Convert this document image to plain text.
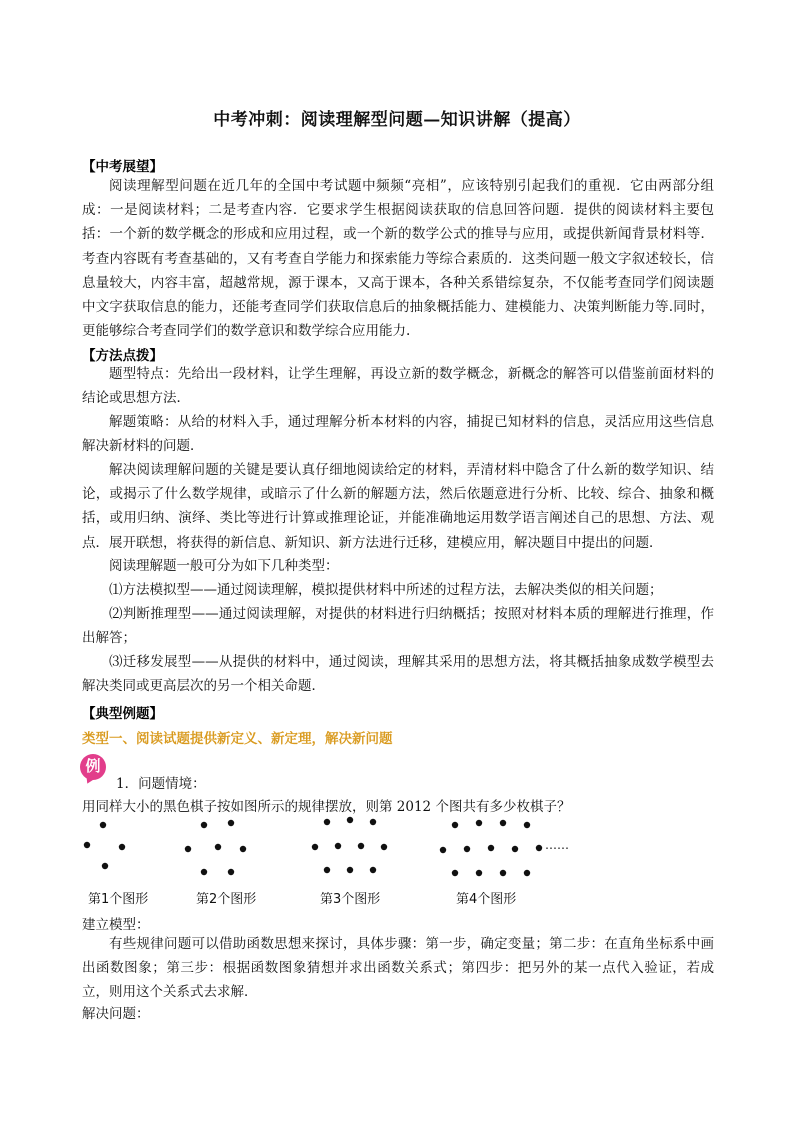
中考冲刺：阅读理解型问题—知识讲解（提高）
【中考展望】

阅读理解型问题在近几年的全国中考试题中频频“亮相”，应该特别引起我们的重视．它由两部分组成：一是阅读材料；二是考查内容．它要求学生根据阅读获取的信息回答问题．提供的阅读材料主要包括：一个新的数学概念的形成和应用过程，或一个新的数学公式的推导与应用，或提供新闻背景材料等．考查内容既有考查基础的，又有考查自学能力和探索能力等综合素质的．这类问题一般文字叙述较长，信息量较大，内容丰富，超越常规，源于课本，又高于课本，各种关系错综复杂，不仅能考查同学们阅读题中文字获取信息的能力，还能考查同学们获取信息后的抽象概括能力、建模能力、决策判断能力等.同时，更能够综合考查同学们的数学意识和数学综合应用能力.

【方法点拨】

题型特点：先给出一段材料，让学生理解，再设立新的数学概念，新概念的解答可以借鉴前面材料的结论或思想方法．

解题策略：从给的材料入手，通过理解分析本材料的内容，捕捉已知材料的信息，灵活应用这些信息解决新材料的问题．

解决阅读理解问题的关键是要认真仔细地阅读给定的材料，弄清材料中隐含了什么新的数学知识、结论，或揭示了什么数学规律，或暗示了什么新的解题方法，然后依题意进行分析、比较、综合、抽象和概括，或用归纳、演绎、类比等进行计算或推理论证，并能准确地运用数学语言阐述自己的思想、方法、观点．展开联想，将获得的新信息、新知识、新方法进行迁移，建模应用，解决题目中提出的问题．

阅读理解题一般可分为如下几种类型：

⑴方法模拟型——通过阅读理解，模拟提供材料中所述的过程方法，去解决类似的相关问题；

⑵判断推理型——通过阅读理解，对提供的材料进行归纳概括；按照对材料本质的理解进行推理，作出解答；

⑶迁移发展型——从提供的材料中，通过阅读，理解其采用的思想方法，将其概括抽象成数学模型去解决类同或更高层次的另一个相关命题．

【典型例题】
类型一、阅读试题提供新定义、新定理，解决新问题
例
1．问题情境：
用同样大小的黑色棋子按如图所示的规律摆放，则第 2012 个图共有多少枚棋子？
……
第1个图形	第2个图形	第3个图形	第4个图形
建立模型：

有些规律问题可以借助函数思想来探讨，具体步骤：第一步，确定变量；第二步：在直角坐标系中画出函数图象；第三步：根据函数图象猜想并求出函数关系式；第四步：把另外的某一点代入验证，若成立，则用这个关系式去求解．

解决问题：
